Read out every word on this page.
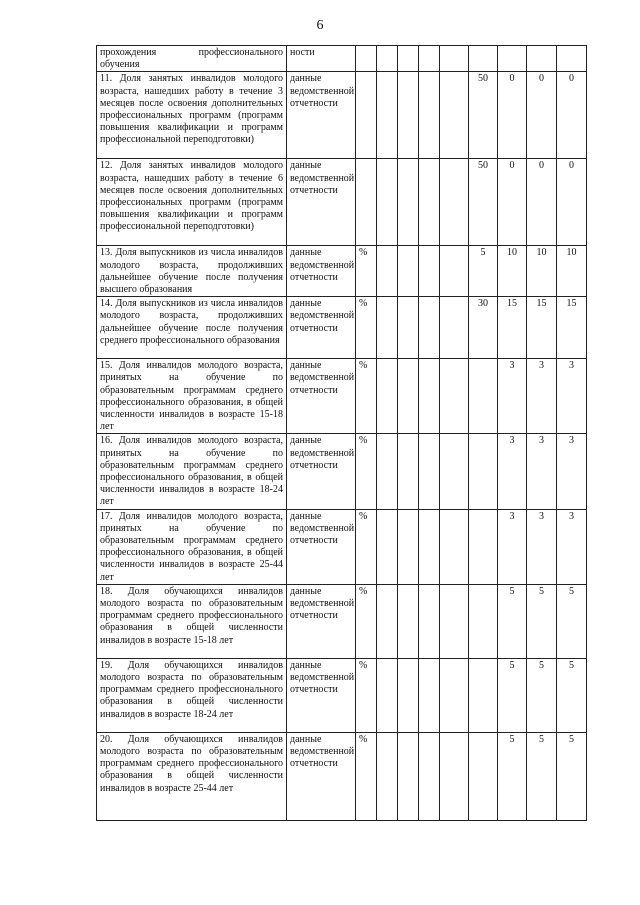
6
прохождения профессионального обучения	ности									
11. Доля занятых инвалидов молодого возраста, нашедших работу в течение 3 месяцев после освоения дополнительных профессиональных программ (программ повышения квалификации и программ профессиональной переподготовки)	данные ведомственной отчетности						50	0	0	0
12. Доля занятых инвалидов молодого возраста, нашедших работу в течение 6 месяцев после освоения дополнительных профессиональных программ (программ повышения квалификации и программ профессиональной переподготовки)	данные ведомственной отчетности						50	0	0	0
13. Доля выпускников из числа инвалидов молодого возраста, продолживших дальнейшее обучение после получения высшего образования	данные ведомственной отчетности	%					5	10	10	10
14. Доля выпускников из числа инвалидов молодого возраста, продолживших дальнейшее обучение после получения среднего профессионального образования	данные ведомственной отчетности	%					30	15	15	15
15. Доля инвалидов молодого возраста, принятых на обучение по образовательным программам среднего профессионального образования, в общей численности инвалидов в возрасте 15-18 лет	данные ведомственной отчетности	%						3	3	3
16. Доля инвалидов молодого возраста, принятых на обучение по образовательным программам среднего профессионального образования, в общей численности инвалидов в возрасте 18-24 лет	данные ведомственной отчетности	%						3	3	3
17. Доля инвалидов молодого возраста, принятых на обучение по образовательным программам среднего профессионального образования, в общей численности инвалидов в возрасте 25-44 лет	данные ведомственной отчетности	%						3	3	3
18. Доля обучающихся инвалидов молодого возраста по образовательным программам среднего профессионального образования в общей численности инвалидов в возрасте 15-18 лет	данные ведомственной отчетности	%						5	5	5
19. Доля обучающихся инвалидов молодого возраста по образовательным программам среднего профессионального образования в общей численности инвалидов в возрасте 18-24 лет	данные ведомственной отчетности	%						5	5	5
20. Доля обучающихся инвалидов молодого возраста по образовательным программам среднего профессионального образования в общей численности инвалидов в возрасте 25-44 лет	данные ведомственной отчетности	%						5	5	5
